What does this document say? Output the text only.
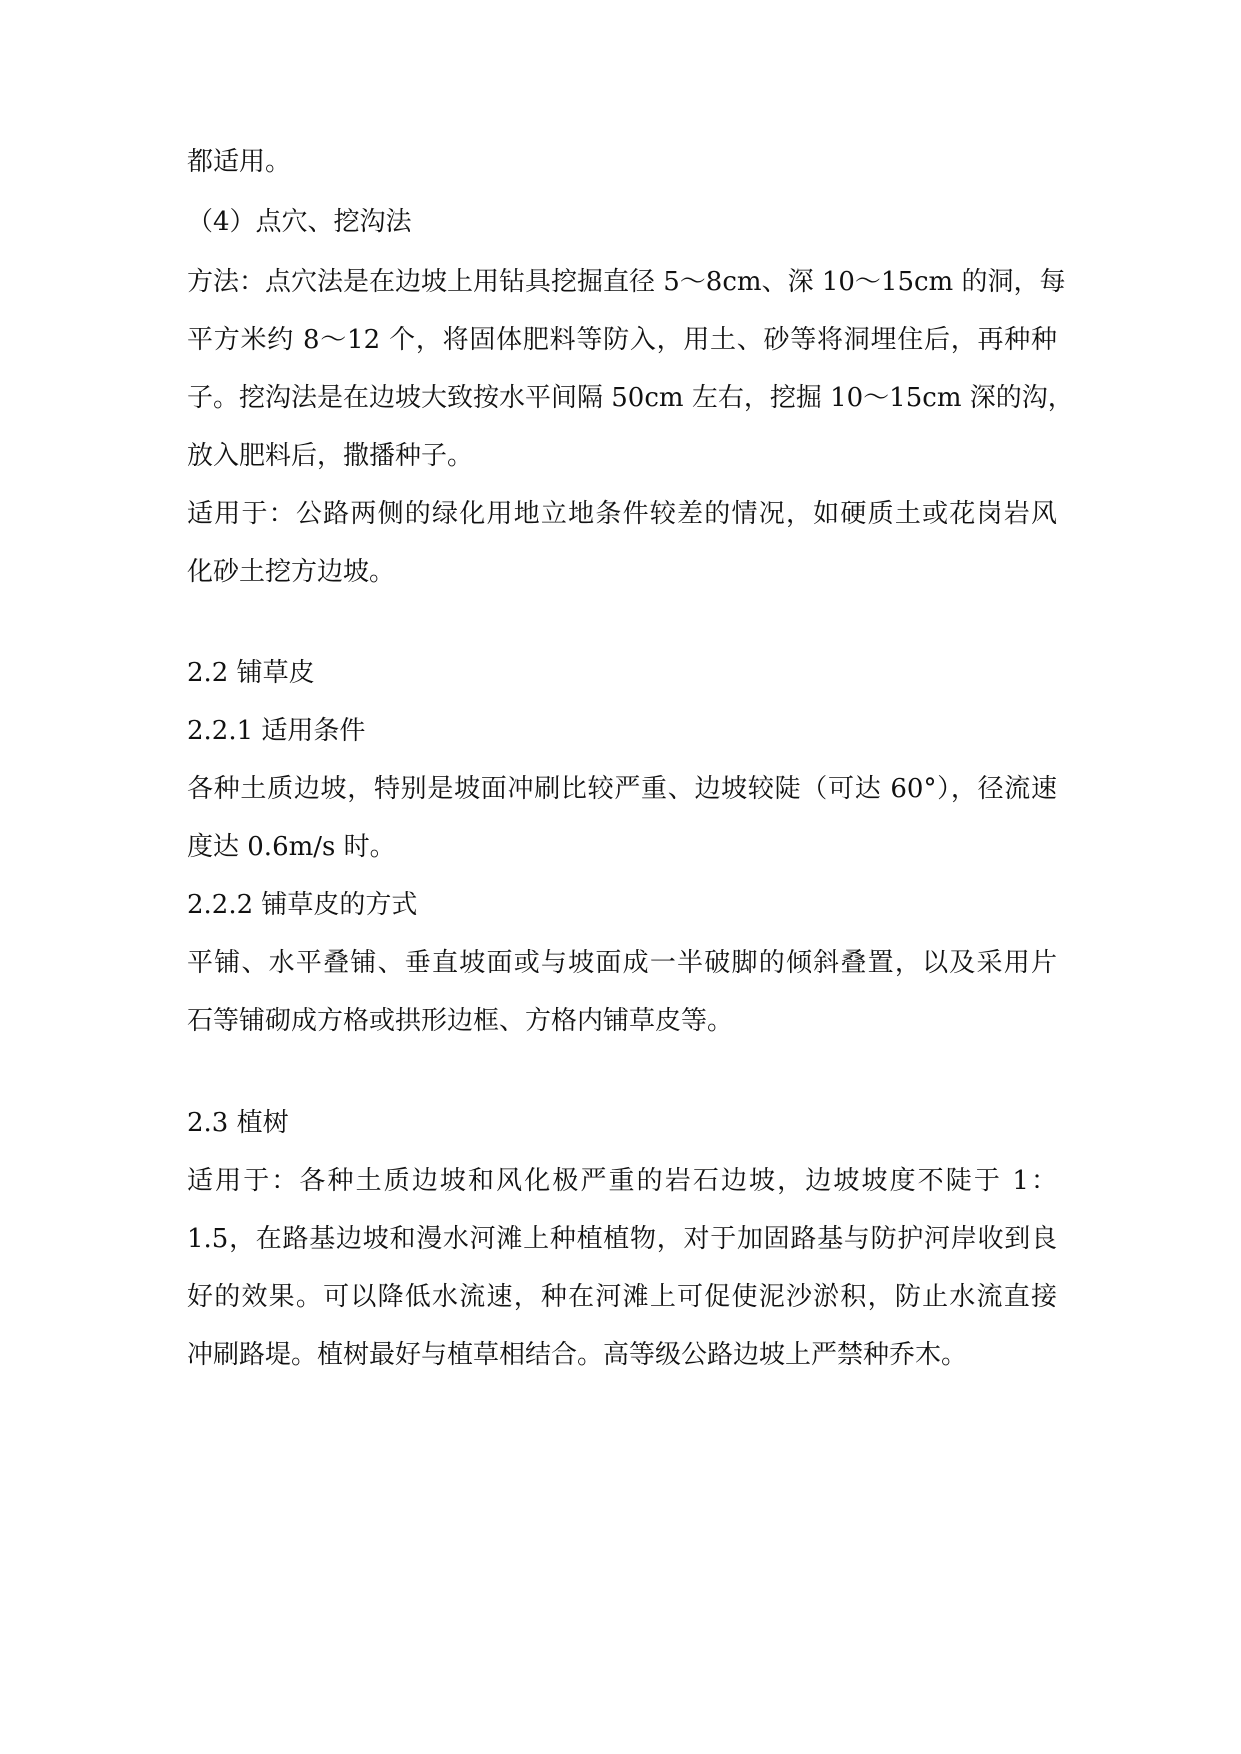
都适用。

（4）点穴、挖沟法

方法：点穴法是在边坡上用钻具挖掘直径 5～8cm、深 10～15cm 的洞，每

平方米约 8～12 个，将固体肥料等防入，用土、砂等将洞埋住后，再种种

子。挖沟法是在边坡大致按水平间隔 50cm 左右，挖掘 10～15cm 深的沟，

放入肥料后，撒播种子。

适用于：公路两侧的绿化用地立地条件较差的情况，如硬质土或花岗岩风

化砂土挖方边坡。

2.2 铺草皮

2.2.1 适用条件

各种土质边坡，特别是坡面冲刷比较严重、边坡较陡（可达 60°），径流速

度达 0.6m/s 时。

2.2.2 铺草皮的方式

平铺、水平叠铺、垂直坡面或与坡面成一半破脚的倾斜叠置，以及采用片

石等铺砌成方格或拱形边框、方格内铺草皮等。

2.3 植树

适用于：各种土质边坡和风化极严重的岩石边坡，边坡坡度不陡于 1：

1.5，在路基边坡和漫水河滩上种植植物，对于加固路基与防护河岸收到良

好的效果。可以降低水流速，种在河滩上可促使泥沙淤积，防止水流直接

冲刷路堤。植树最好与植草相结合。高等级公路边坡上严禁种乔木。
